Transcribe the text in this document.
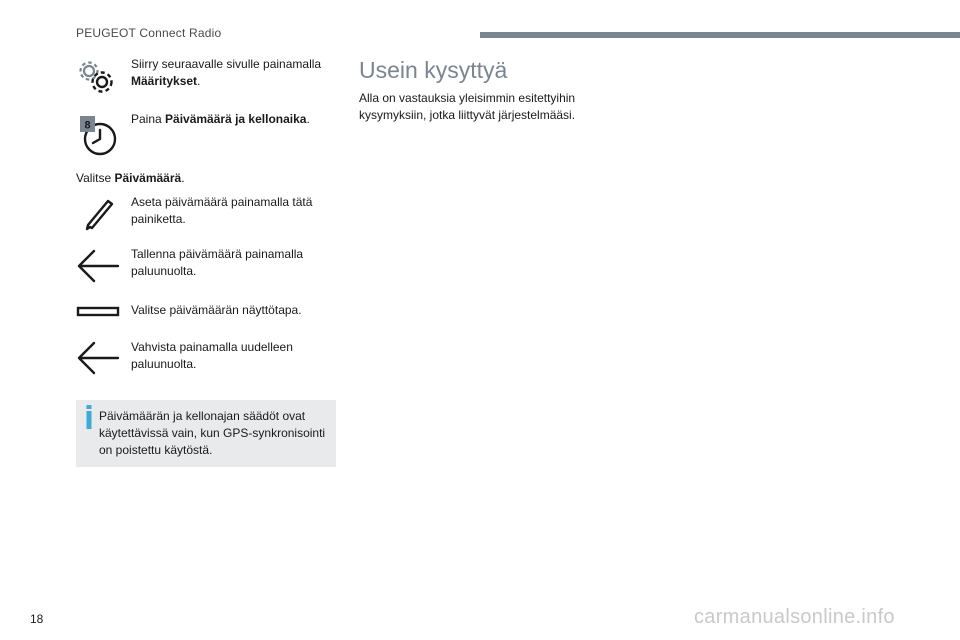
PEUGEOT Connect Radio
Siirry seuraavalle sivulle painamalla Määritykset.
8	Paina Päivämäärä ja kellonaika.
Valitse Päivämäärä.
Aseta päivämäärä painamalla tätä painiketta.
Tallenna päivämäärä painamalla paluunuolta.
Valitse päivämäärän näyttötapa.
Vahvista painamalla uudelleen paluunuolta.
Päivämäärän ja kellonajan säädöt ovat käytettävissä vain, kun GPS-synkronisointi on poistettu käytöstä.
Usein kysyttyä
Alla on vastauksia yleisimmin esitettyihin kysymyksiin, jotka liittyvät järjestelmääsi.
18	carmanualsonline.info
